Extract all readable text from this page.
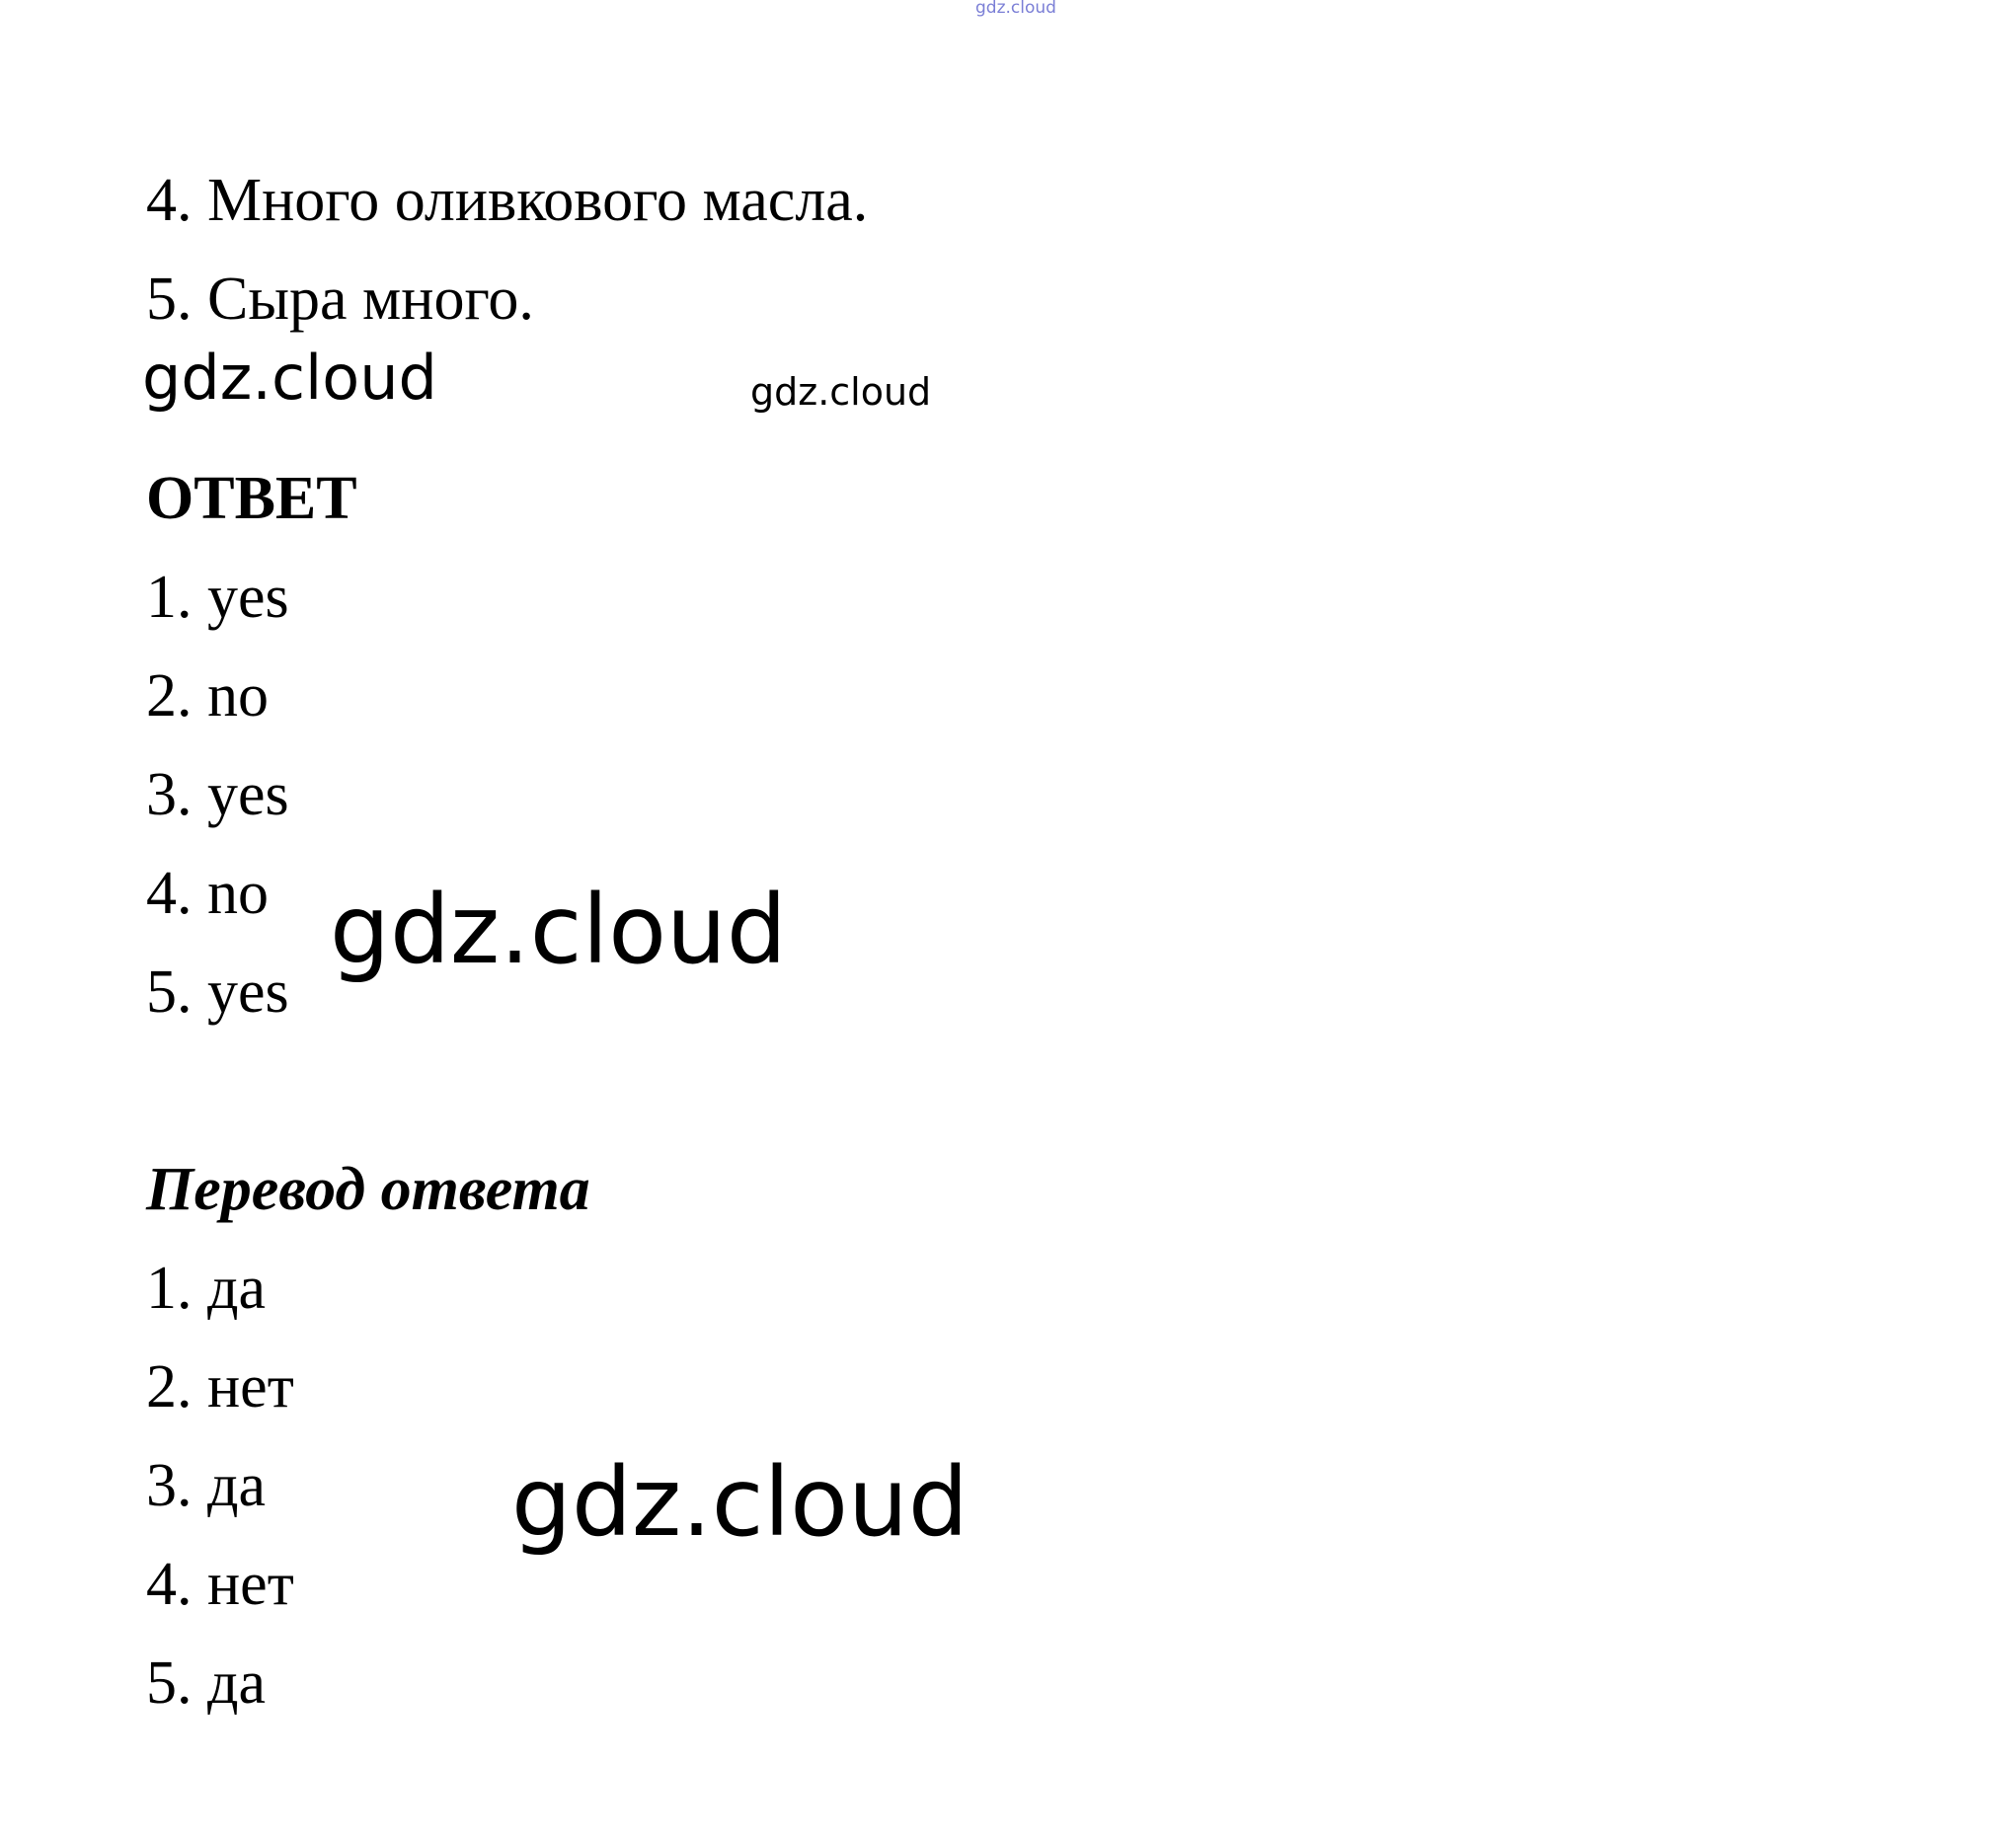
gdz.cloud

4. Много оливкового масла.

5. Сыра много.

gdz.cloud	gdz.cloud

ОТВЕТ

1. yes

2. no

3. yes

4. no

5. yes

gdz.cloud

Перевод ответа

1. да

2. нет

3. да

4. нет

5. да

gdz.cloud
